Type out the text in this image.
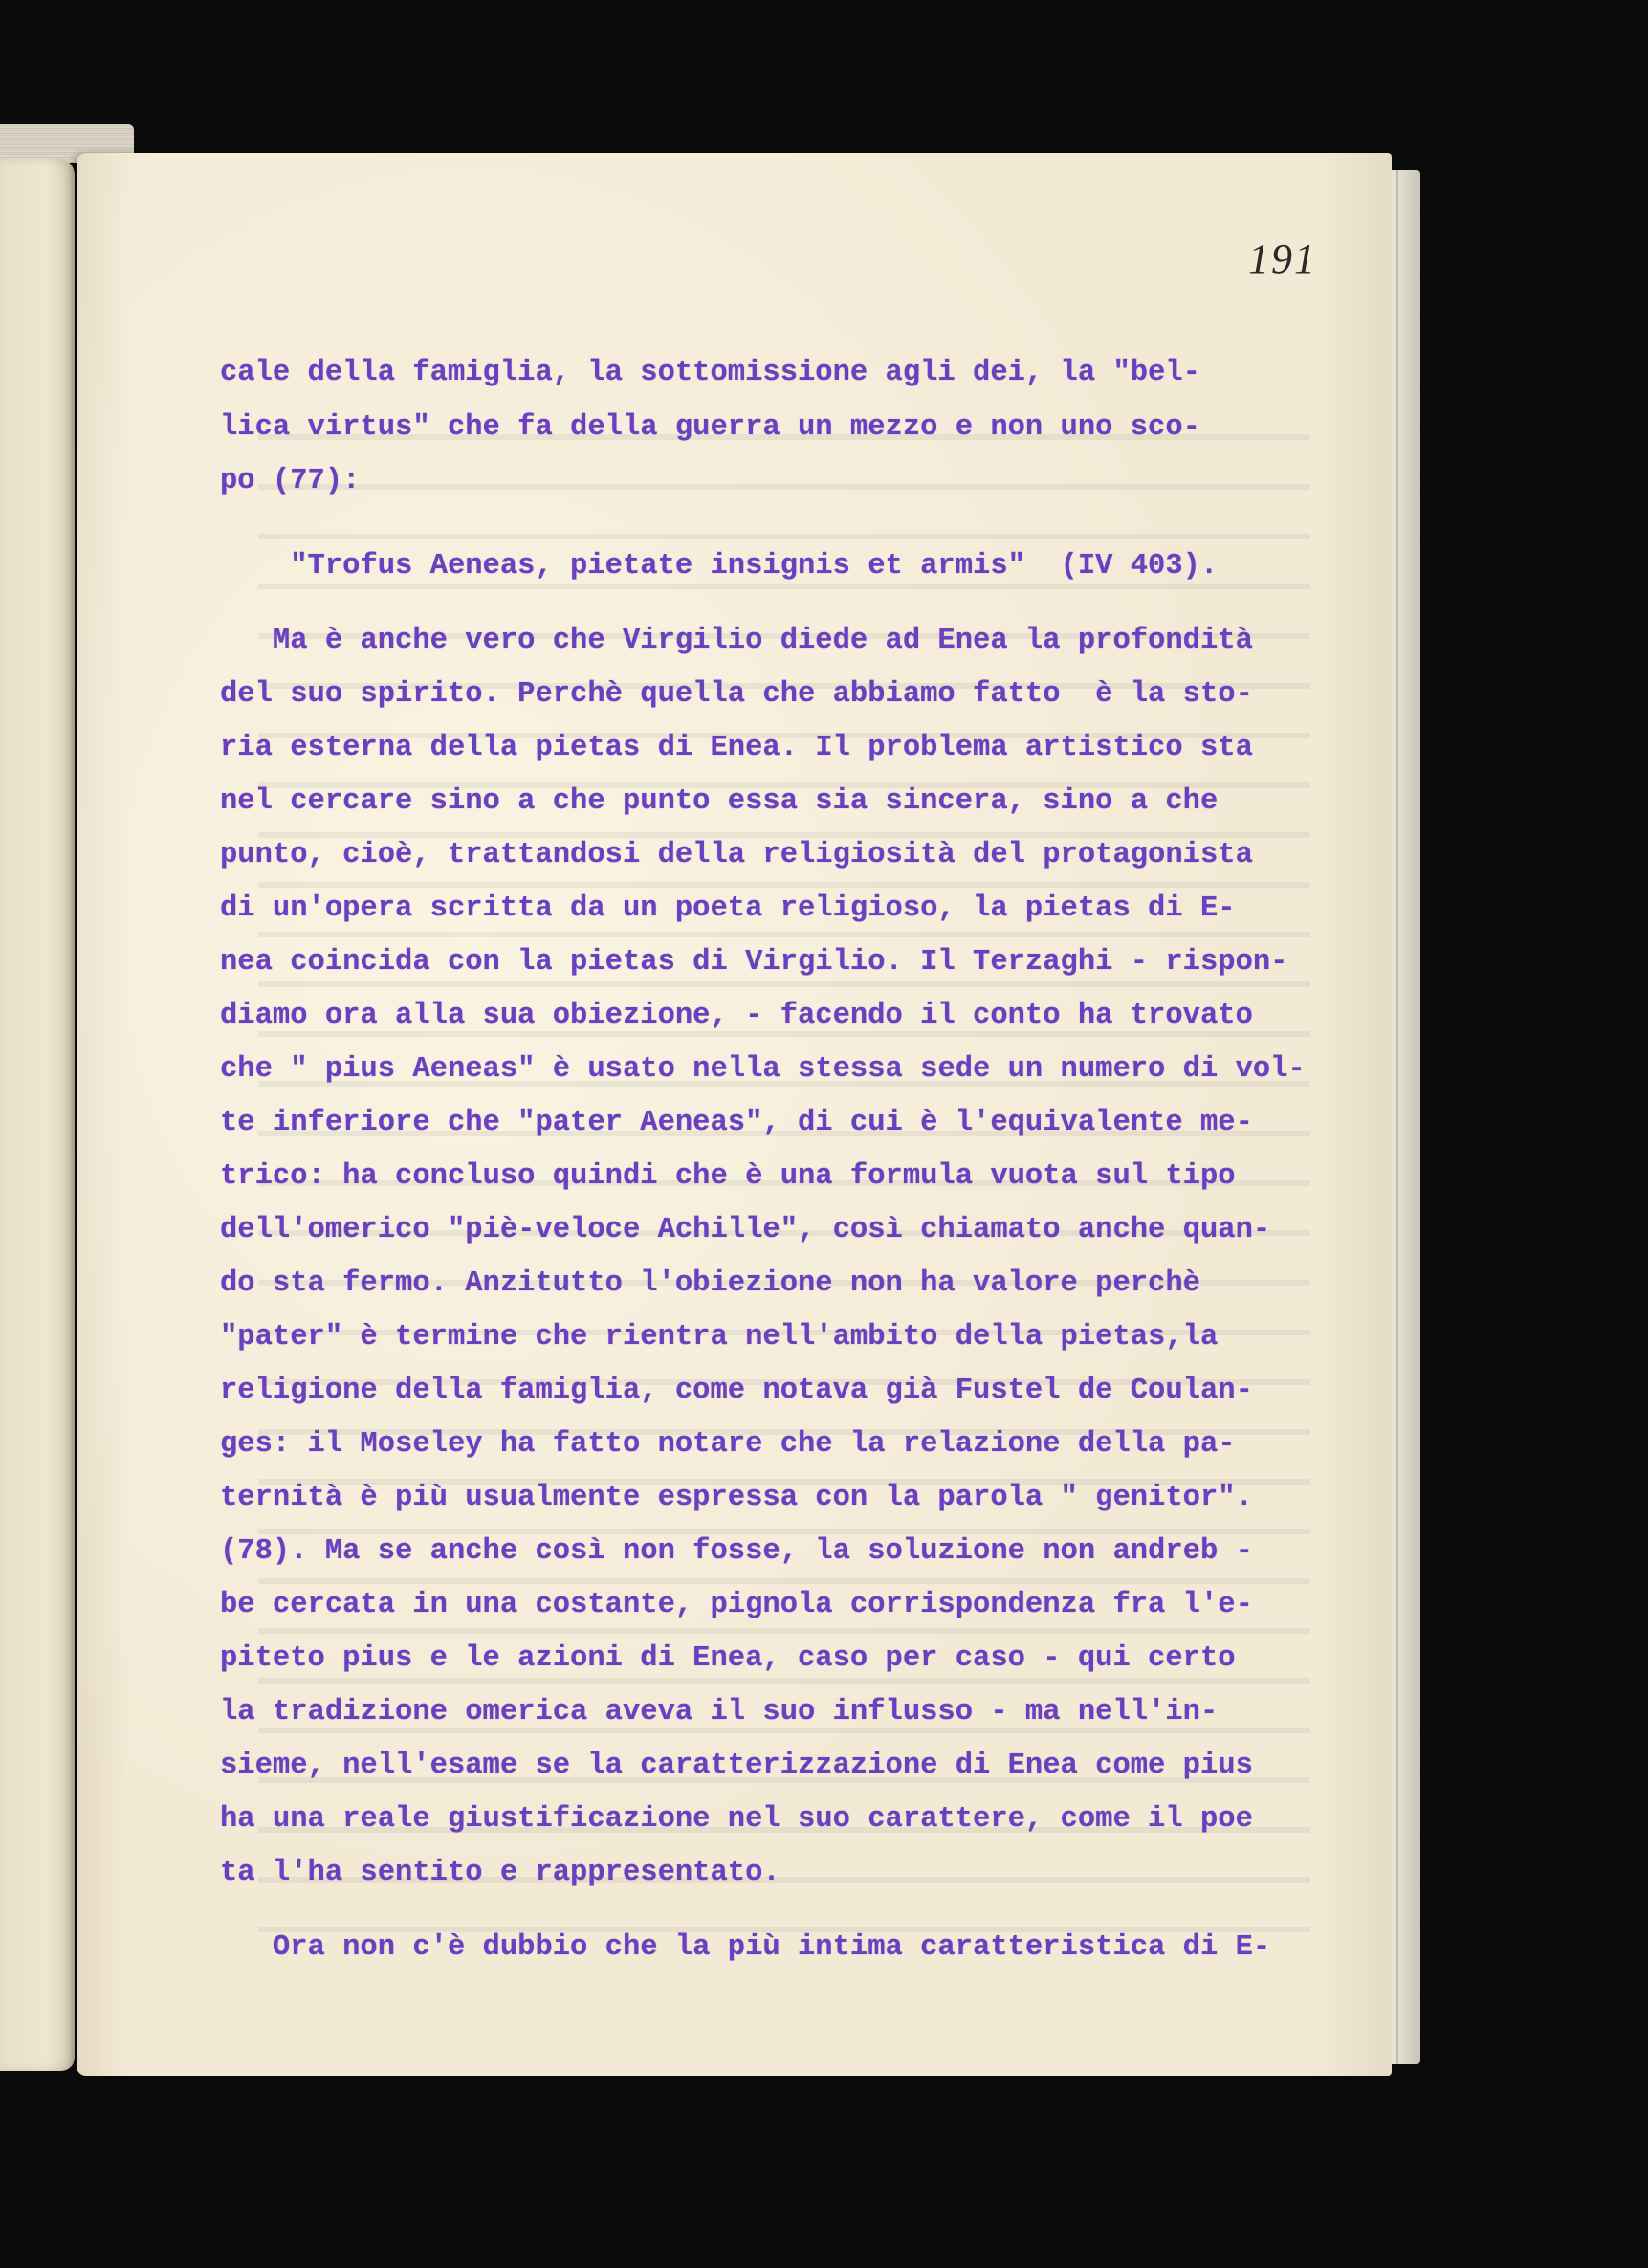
191
cale della famiglia, la sottomissione agli dei, la "bel-
lica virtus" che fa della guerra un mezzo e non uno sco-
po (77):
"Trofus Aeneas, pietate insignis et armis"  (IV 403).
Ma è anche vero che Virgilio diede ad Enea la profondità
del suo spirito. Perchè quella che abbiamo fatto  è la sto-
ria esterna della pietas di Enea. Il problema artistico sta
nel cercare sino a che punto essa sia sincera, sino a che
punto, cioè, trattandosi della religiosità del protagonista
di un'opera scritta da un poeta religioso, la pietas di E-
nea coincida con la pietas di Virgilio. Il Terzaghi - rispon-
diamo ora alla sua obiezione, - facendo il conto ha trovato
che " pius Aeneas" è usato nella stessa sede un numero di vol-
te inferiore che "pater Aeneas", di cui è l'equivalente me-
trico: ha concluso quindi che è una formula vuota sul tipo
dell'omerico "piè-veloce Achille", così chiamato anche quan-
do sta fermo. Anzitutto l'obiezione non ha valore perchè
"pater" è termine che rientra nell'ambito della pietas,la
religione della famiglia, come notava già Fustel de Coulan-
ges: il Moseley ha fatto notare che la relazione della pa-
ternità è più usualmente espressa con la parola " genitor".
(78). Ma se anche così non fosse, la soluzione non andreb -
be cercata in una costante, pignola corrispondenza fra l'e-
piteto pius e le azioni di Enea, caso per caso - qui certo
la tradizione omerica aveva il suo influsso - ma nell'in-
sieme, nell'esame se la caratterizzazione di Enea come pius
ha una reale giustificazione nel suo carattere, come il poe
ta l'ha sentito e rappresentato.
Ora non c'è dubbio che la più intima caratteristica di E-
